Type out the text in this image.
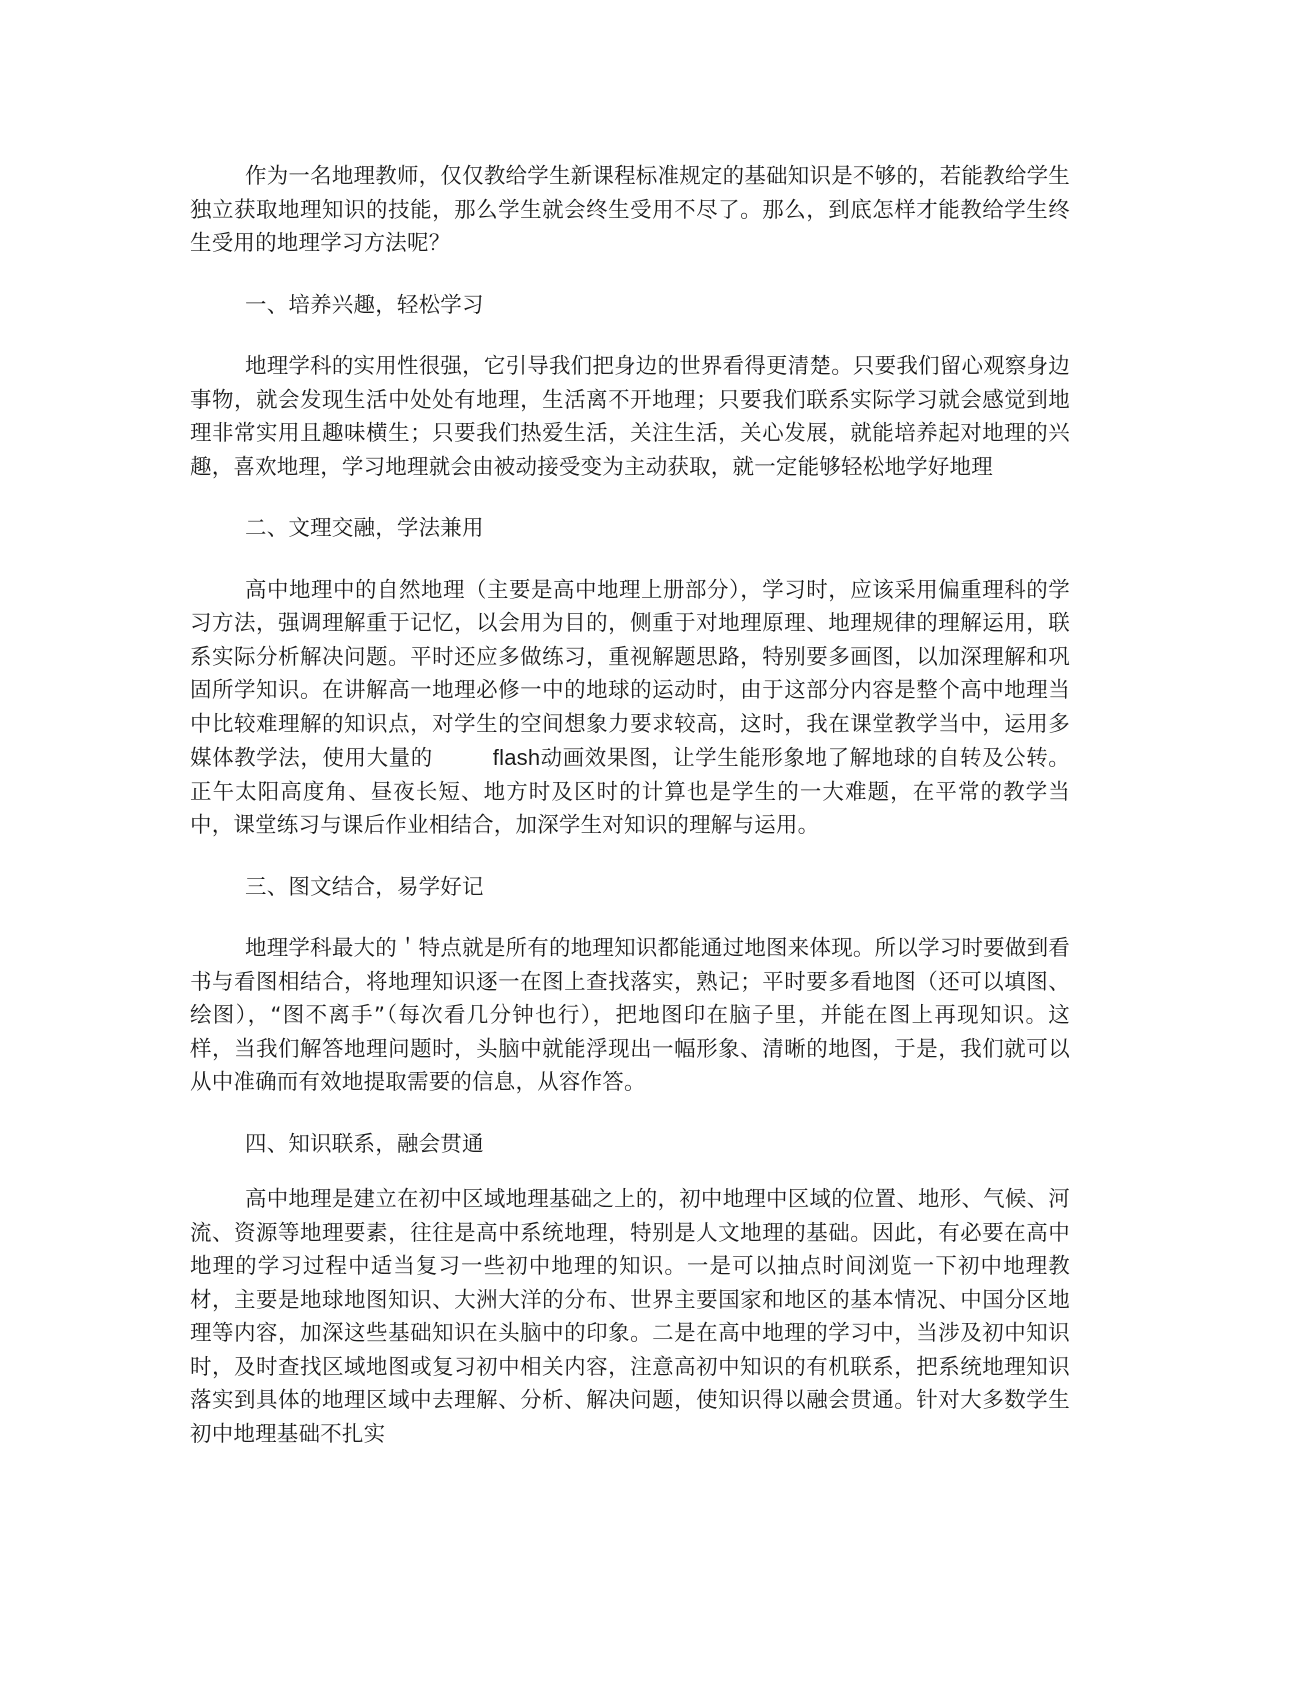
作为一名地理教师，仅仅教给学生新课程标准规定的基础知识是不够的，若能教给学生独立获取地理知识的技能，那么学生就会终生受用不尽了。那么，到底怎样才能教给学生终生受用的地理学习方法呢？

一、培养兴趣，轻松学习

地理学科的实用性很强，它引导我们把身边的世界看得更清楚。只要我们留心观察身边事物，就会发现生活中处处有地理，生活离不开地理；只要我们联系实际学习就会感觉到地理非常实用且趣味横生；只要我们热爱生活，关注生活，关心发展，就能培养起对地理的兴趣，喜欢地理，学习地理就会由被动接受变为主动获取，就一定能够轻松地学好地理

二、文理交融，学法兼用

高中地理中的自然地理（主要是高中地理上册部分），学习时，应该采用偏重理科的学习方法，强调理解重于记忆，以会用为目的，侧重于对地理原理、地理规律的理解运用，联系实际分析解决问题。平时还应多做练习，重视解题思路，特别要多画图，以加深理解和巩固所学知识。在讲解高一地理必修一中的地球的运动时，由于这部分内容是整个高中地理当中比较难理解的知识点，对学生的空间想象力要求较高，这时，我在课堂教学当中，运用多媒体教学法，使用大量的	flash动画效果图，让学生能形象地了解地球的自转及公转。正午太阳高度角、昼夜长短、地方时及区时的计算也是学生的一大难题，在平常的教学当中，课堂练习与课后作业相结合，加深学生对知识的理解与运用。

三、图文结合，易学好记

地理学科最大的＇特点就是所有的地理知识都能通过地图来体现。所以学习时要做到看书与看图相结合，将地理知识逐一在图上查找落实，熟记；平时要多看地图（还可以填图、绘图），“图不离手”（每次看几分钟也行），把地图印在脑子里，并能在图上再现知识。这样，当我们解答地理问题时，头脑中就能浮现出一幅形象、清晰的地图，于是，我们就可以从中准确而有效地提取需要的信息，从容作答。

四、知识联系，融会贯通

高中地理是建立在初中区域地理基础之上的，初中地理中区域的位置、地形、气候、河流、资源等地理要素，往往是高中系统地理，特别是人文地理的基础。因此，有必要在高中地理的学习过程中适当复习一些初中地理的知识。一是可以抽点时间浏览一下初中地理教材，主要是地球地图知识、大洲大洋的分布、世界主要国家和地区的基本情况、中国分区地理等内容，加深这些基础知识在头脑中的印象。二是在高中地理的学习中，当涉及初中知识时，及时查找区域地图或复习初中相关内容，注意高初中知识的有机联系，把系统地理知识落实到具体的地理区域中去理解、分析、解决问题，使知识得以融会贯通。针对大多数学生初中地理基础不扎实
